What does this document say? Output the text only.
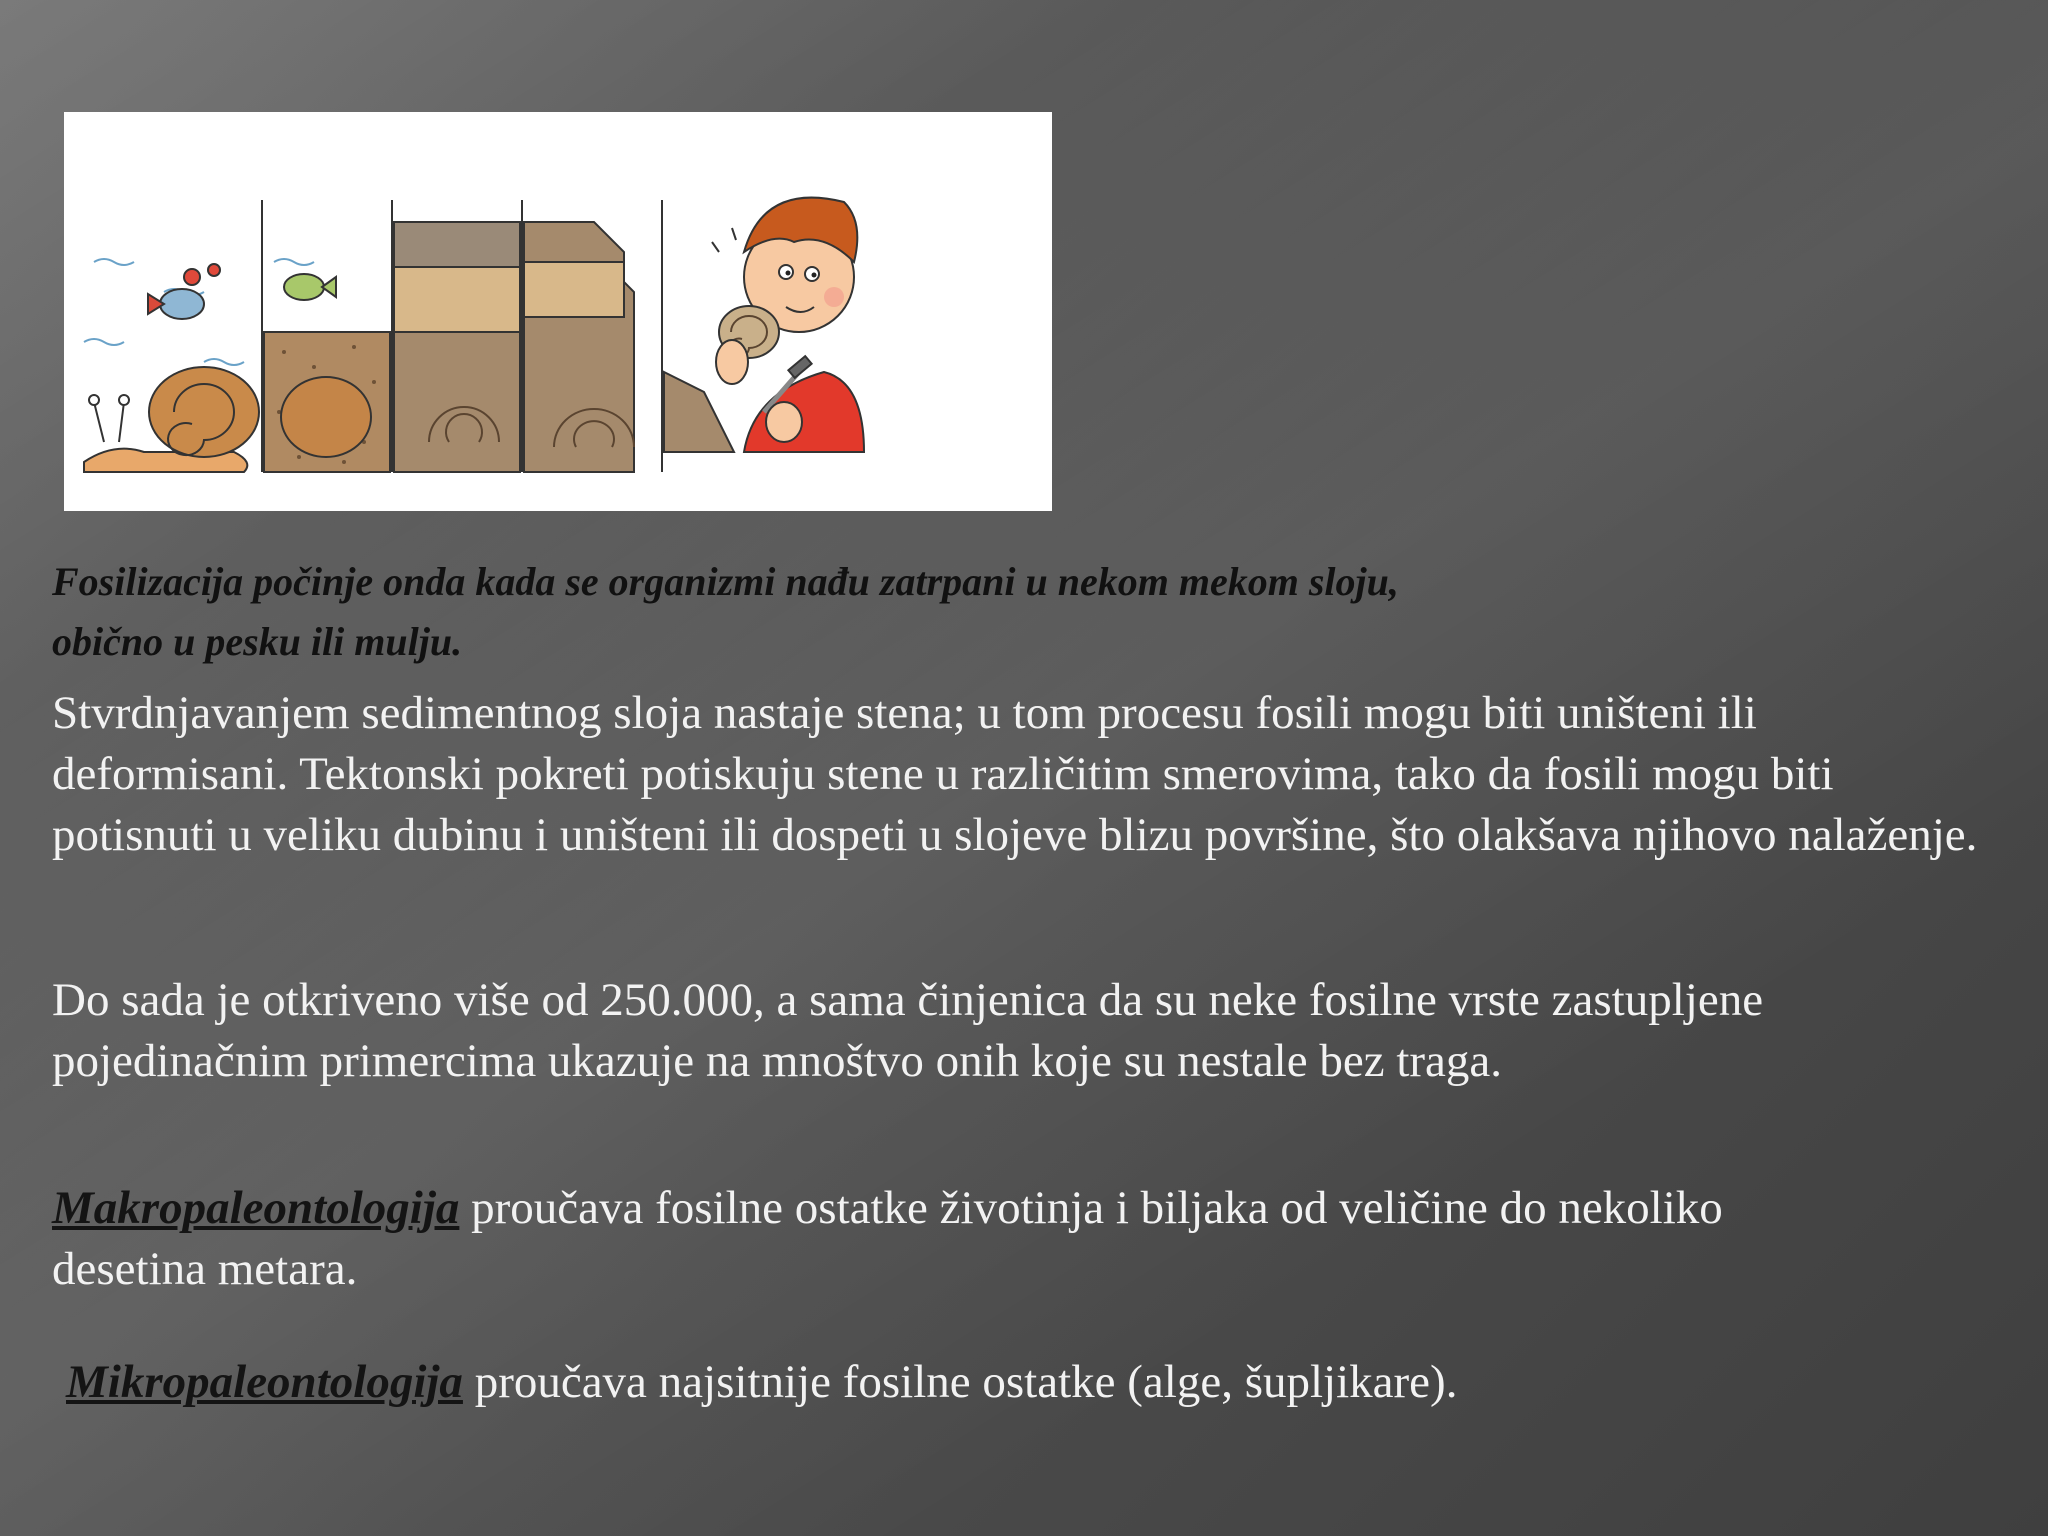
Fosilizacija počinje onda kada se organizmi nađu zatrpani u nekom mekom sloju, obično u pesku ili mulju.

Stvrdnjavanjem sedimentnog sloja nastaje stena; u tom procesu fosili mogu biti uništeni ili deformisani. Tektonski pokreti potiskuju stene u različitim smerovima, tako da fosili mogu biti potisnuti u veliku dubinu i uništeni ili dospeti u slojeve blizu površine, što olakšava njihovo nalaženje.

Do sada je otkriveno više od 250.000, a sama činjenica da su neke fosilne vrste zastupljene pojedinačnim primercima ukazuje na mnoštvo onih koje su nestale bez traga.

Makropaleontologija proučava fosilne ostatke životinja i biljaka od veličine do nekoliko desetina metara.

Mikropaleontologija proučava najsitnije fosilne ostatke (alge, šupljikare).
